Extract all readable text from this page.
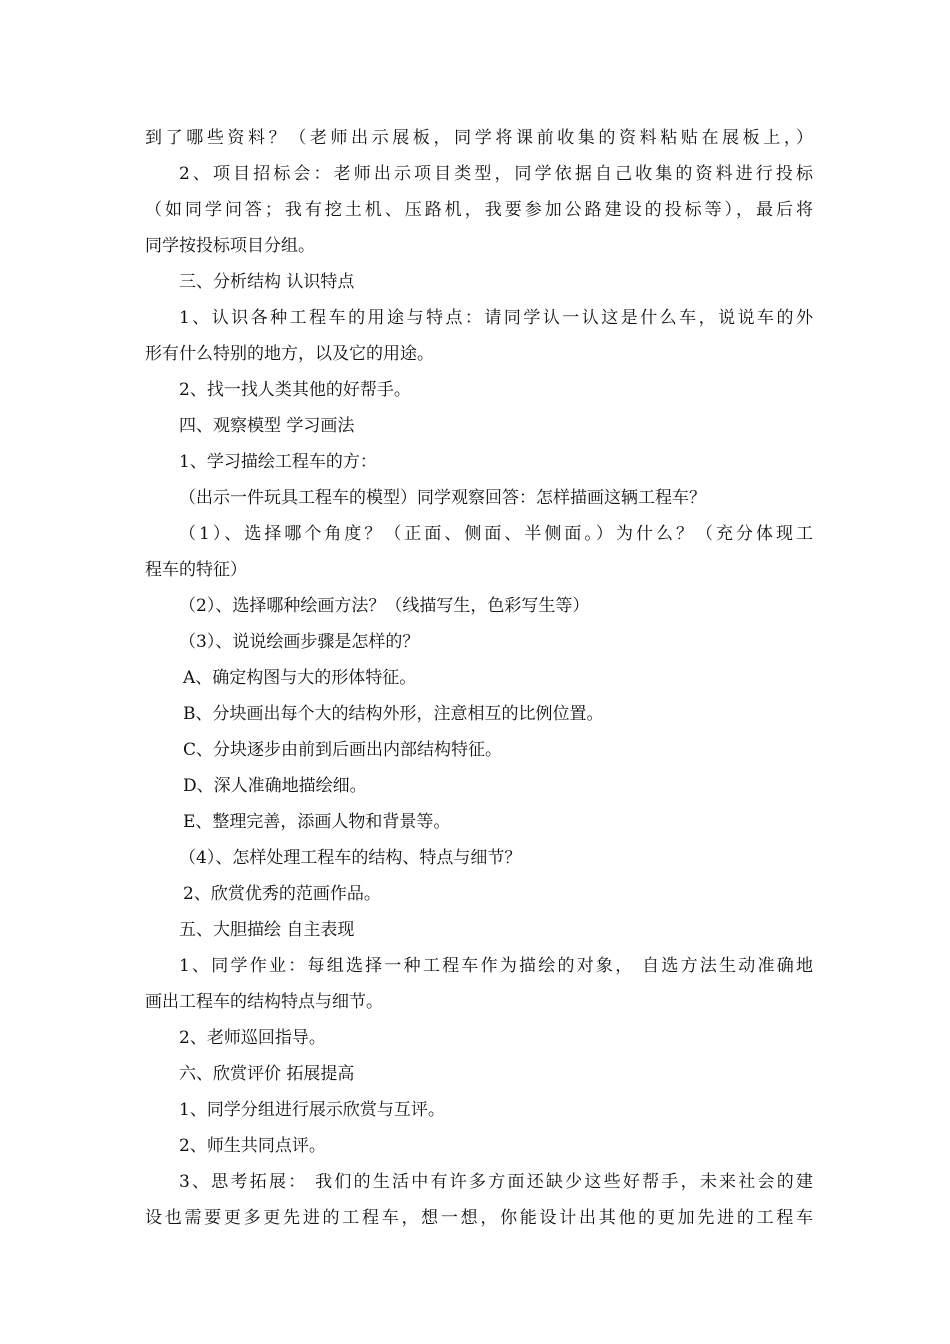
到了哪些资料？（老师出示展板，同学将课前收集的资料粘贴在展板上，）
2、项目招标会：老师出示项目类型，同学依据自己收集的资料进行投标
（如同学问答；我有挖土机、压路机，我要参加公路建设的投标等），最后将
同学按投标项目分组。
三、分析结构 认识特点
1、认识各种工程车的用途与特点：请同学认一认这是什么车，说说车的外
形有什么特别的地方，以及它的用途。
2、找一找人类其他的好帮手。
四、观察模型 学习画法
1、学习描绘工程车的方：
（出示一件玩具工程车的模型）同学观察回答：怎样描画这辆工程车？
（1）、选择哪个角度？（正面、侧面、半侧面。）为什么？（充分体现工
程车的特征）
（2）、选择哪种绘画方法？（线描写生，色彩写生等）
（3）、说说绘画步骤是怎样的？
A、确定构图与大的形体特征。
B、分块画出每个大的结构外形，注意相互的比例位置。
C、分块逐步由前到后画出内部结构特征。
D、深人准确地描绘细。
E、整理完善，添画人物和背景等。
（4）、怎样处理工程车的结构、特点与细节？
2、欣赏优秀的范画作品。
五、大胆描绘 自主表现
1、同学作业：每组选择一种工程车作为描绘的对象， 自选方法生动准确地
画出工程车的结构特点与细节。
2、老师巡回指导。
六、欣赏评价 拓展提高
1、同学分组进行展示欣赏与互评。
2、师生共同点评。
3、思考拓展： 我们的生活中有许多方面还缺少这些好帮手，未来社会的建
设也需要更多更先进的工程车，想一想，你能设计出其他的更加先进的工程车
